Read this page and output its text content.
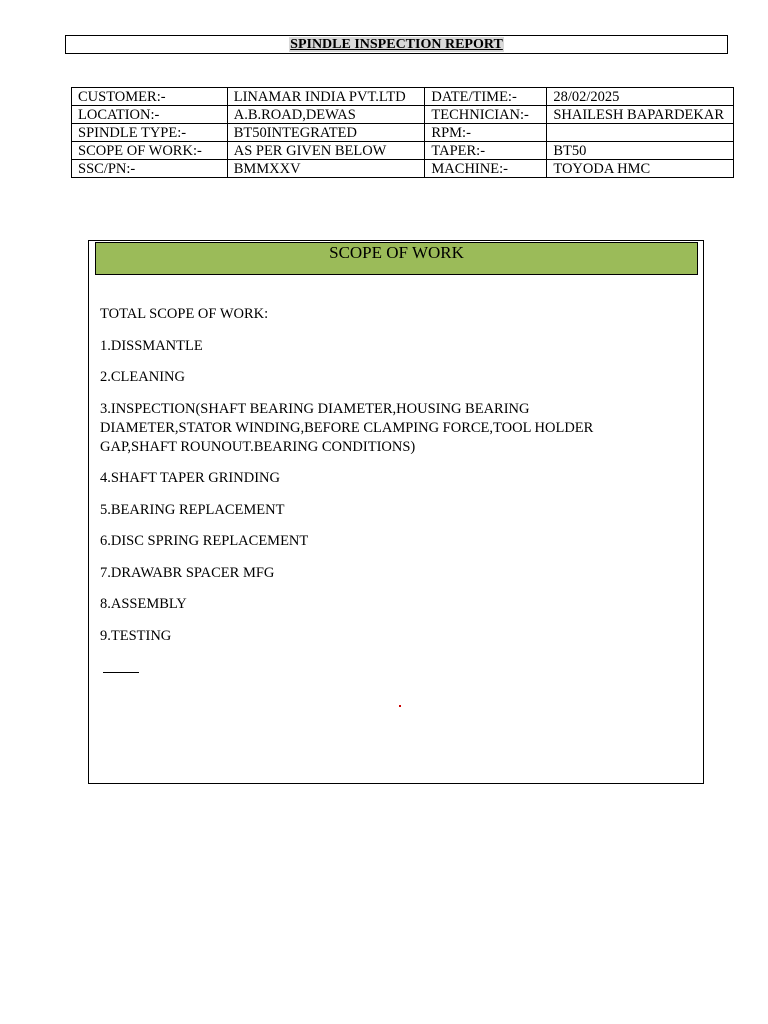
SPINDLE INSPECTION REPORT
CUSTOMER:-	LINAMAR INDIA PVT.LTD	DATE/TIME:-	28/02/2025
LOCATION:-	A.B.ROAD,DEWAS	TECHNICIAN:-	SHAILESH BAPARDEKAR
SPINDLE TYPE:-	BT50INTEGRATED	RPM:-	
SCOPE OF WORK:-	AS PER GIVEN BELOW	TAPER:-	BT50
SSC/PN:-	BMMXXV	MACHINE:-	TOYODA HMC
SCOPE OF WORK

TOTAL SCOPE OF WORK:

1.DISSMANTLE

2.CLEANING

3.INSPECTION(SHAFT BEARING DIAMETER,HOUSING BEARING DIAMETER,STATOR WINDING,BEFORE CLAMPING FORCE,TOOL HOLDER GAP,SHAFT ROUNOUT.BEARING CONDITIONS)

4.SHAFT TAPER GRINDING

5.BEARING REPLACEMENT

6.DISC SPRING REPLACEMENT

7.DRAWABR SPACER MFG

8.ASSEMBLY

9.TESTING
